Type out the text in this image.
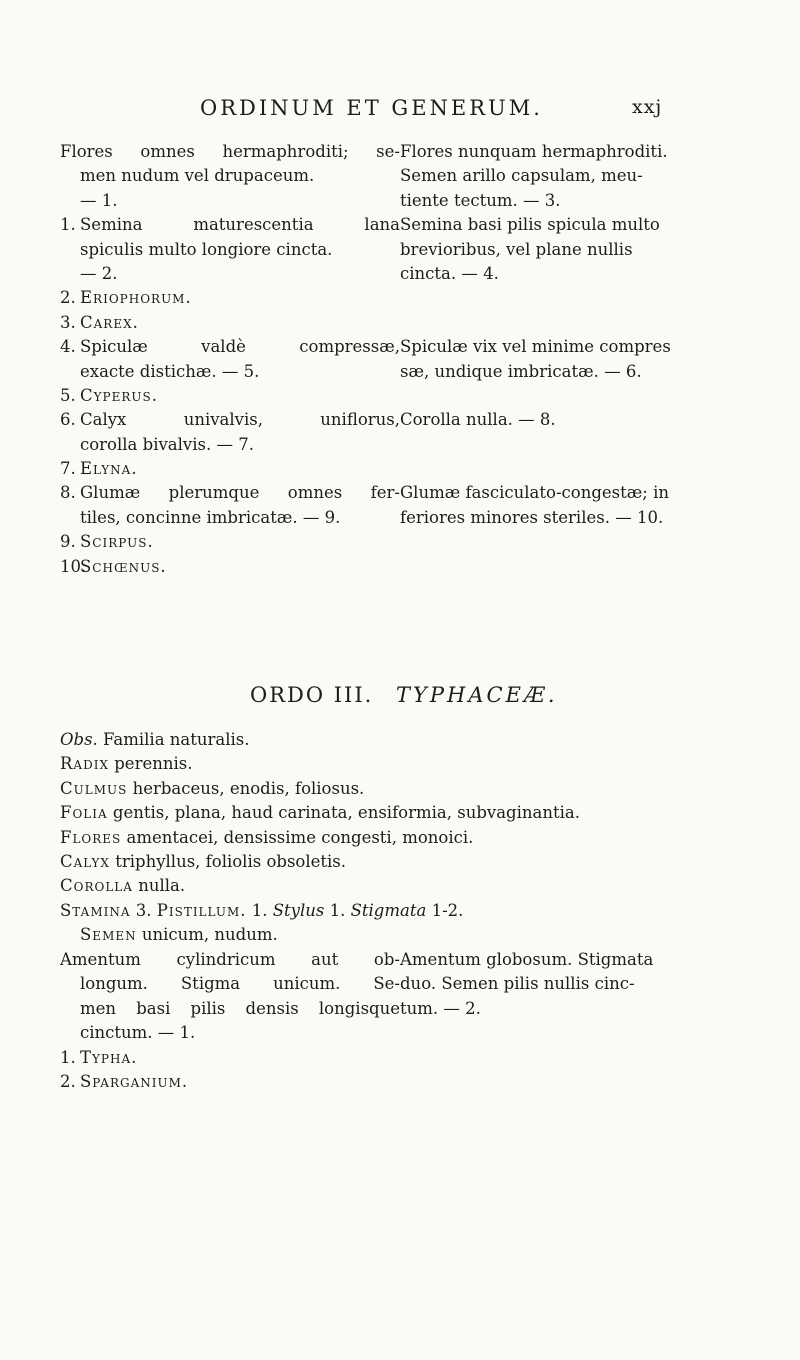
ORDINUM ET GENERUM.	xxj
Flores omnes hermaphroditi; se-
men nudum vel drupaceum.
— 1.
1. Semina maturescentia lana
spiculis multo longiore cincta.
— 2.
2. Eriophorum.
3. Carex.
4. Spiculæ valdè compressæ,
exacte distichæ. — 5.
5. Cyperus.
6. Calyx univalvis, uniflorus,
corolla bivalvis. — 7.
7. Elyna.
8. Glumæ plerumque omnes fer-
tiles, concinne imbricatæ. — 9.
9. Scirpus.
10.Schœnus.
Flores nunquam hermaphroditi.
Semen arillo capsulam, meu-
tiente tectum. — 3.
Semina basi pilis spicula multo
brevioribus, vel plane nullis
cincta. — 4.
Spiculæ vix vel minime compres
sæ, undique imbricatæ. — 6.
Corolla nulla. — 8.
Glumæ fasciculato-congestæ; in
feriores minores steriles. — 10.
ORDO III. TYPHACEÆ.
Obs. Familia naturalis.
Radix perennis.
Culmus herbaceus, enodis, foliosus.
Folia gentis, plana, haud carinata, ensiformia, subvaginantia.
Flores amentacei, densissime congesti, monoici.
Calyx triphyllus, foliolis obsoletis.
Corolla nulla.
Stamina 3. Pistillum. 1. Stylus 1. Stigmata 1-2.
Semen unicum, nudum.
Amentum cylindricum aut ob-
longum. Stigma unicum. Se-
men basi pilis densis longisque
cinctum. — 1.
1. Typha.
2. Sparganium.
Amentum globosum. Stigmata
duo. Semen pilis nullis cinc-
tum. — 2.
